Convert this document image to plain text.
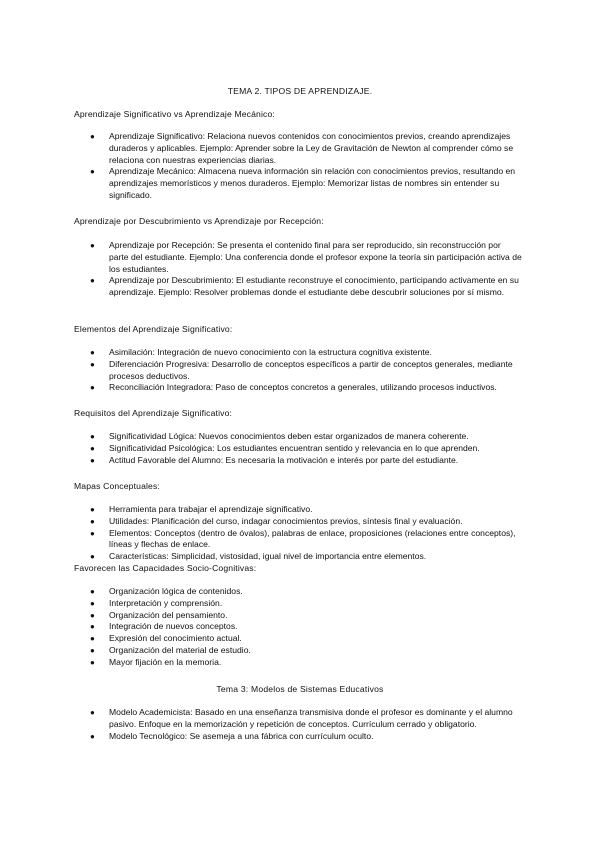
TEMA 2. TIPOS DE APRENDIZAJE.
Aprendizaje Significativo vs Aprendizaje Mecánico:
● Aprendizaje Significativo: Relaciona nuevos contenidos con conocimientos previos, creando aprendizajes duraderos y aplicables. Ejemplo: Aprender sobre la Ley de Gravitación de Newton al comprender cómo se relaciona con nuestras experiencias diarias.
● Aprendizaje Mecánico: Almacena nueva información sin relación con conocimientos previos, resultando en aprendizajes memorísticos y menos duraderos. Ejemplo: Memorizar listas de nombres sin entender su significado.
Aprendizaje por Descubrimiento vs Aprendizaje por Recepción:
● Aprendizaje por Recepción: Se presenta el contenido final para ser reproducido, sin reconstrucción por parte del estudiante. Ejemplo: Una conferencia donde el profesor expone la teoría sin participación activa de los estudiantes.
● Aprendizaje por Descubrimiento: El estudiante reconstruye el conocimiento, participando activamente en su aprendizaje. Ejemplo: Resolver problemas donde el estudiante debe descubrir soluciones por sí mismo.
Elementos del Aprendizaje Significativo:
● Asimilación: Integración de nuevo conocimiento con la estructura cognitiva existente.
● Diferenciación Progresiva: Desarrollo de conceptos específicos a partir de conceptos generales, mediante procesos deductivos.
● Reconciliación Integradora: Paso de conceptos concretos a generales, utilizando procesos inductivos.
Requisitos del Aprendizaje Significativo:
● Significatividad Lógica: Nuevos conocimientos deben estar organizados de manera coherente.
● Significatividad Psicológica: Los estudiantes encuentran sentido y relevancia en lo que aprenden.
● Actitud Favorable del Alumno: Es necesaria la motivación e interés por parte del estudiante.
Mapas Conceptuales:
● Herramienta para trabajar el aprendizaje significativo.
● Utilidades: Planificación del curso, indagar conocimientos previos, síntesis final y evaluación.
● Elementos: Conceptos (dentro de óvalos), palabras de enlace, proposiciones (relaciones entre conceptos), líneas y flechas de enlace.
● Características: Simplicidad, vistosidad, igual nivel de importancia entre elementos.
Favorecen las Capacidades Socio-Cognitivas:
● Organización lógica de contenidos.
● Interpretación y comprensión.
● Organización del pensamiento.
● Integración de nuevos conceptos.
● Expresión del conocimiento actual.
● Organización del material de estudio.
● Mayor fijación en la memoria.
Tema 3: Modelos de Sistemas Educativos
● Modelo Academicista: Basado en una enseñanza transmisiva donde el profesor es dominante y el alumno pasivo. Enfoque en la memorización y repetición de conceptos. Currículum cerrado y obligatorio.
● Modelo Tecnológico: Se asemeja a una fábrica con currículum oculto.
